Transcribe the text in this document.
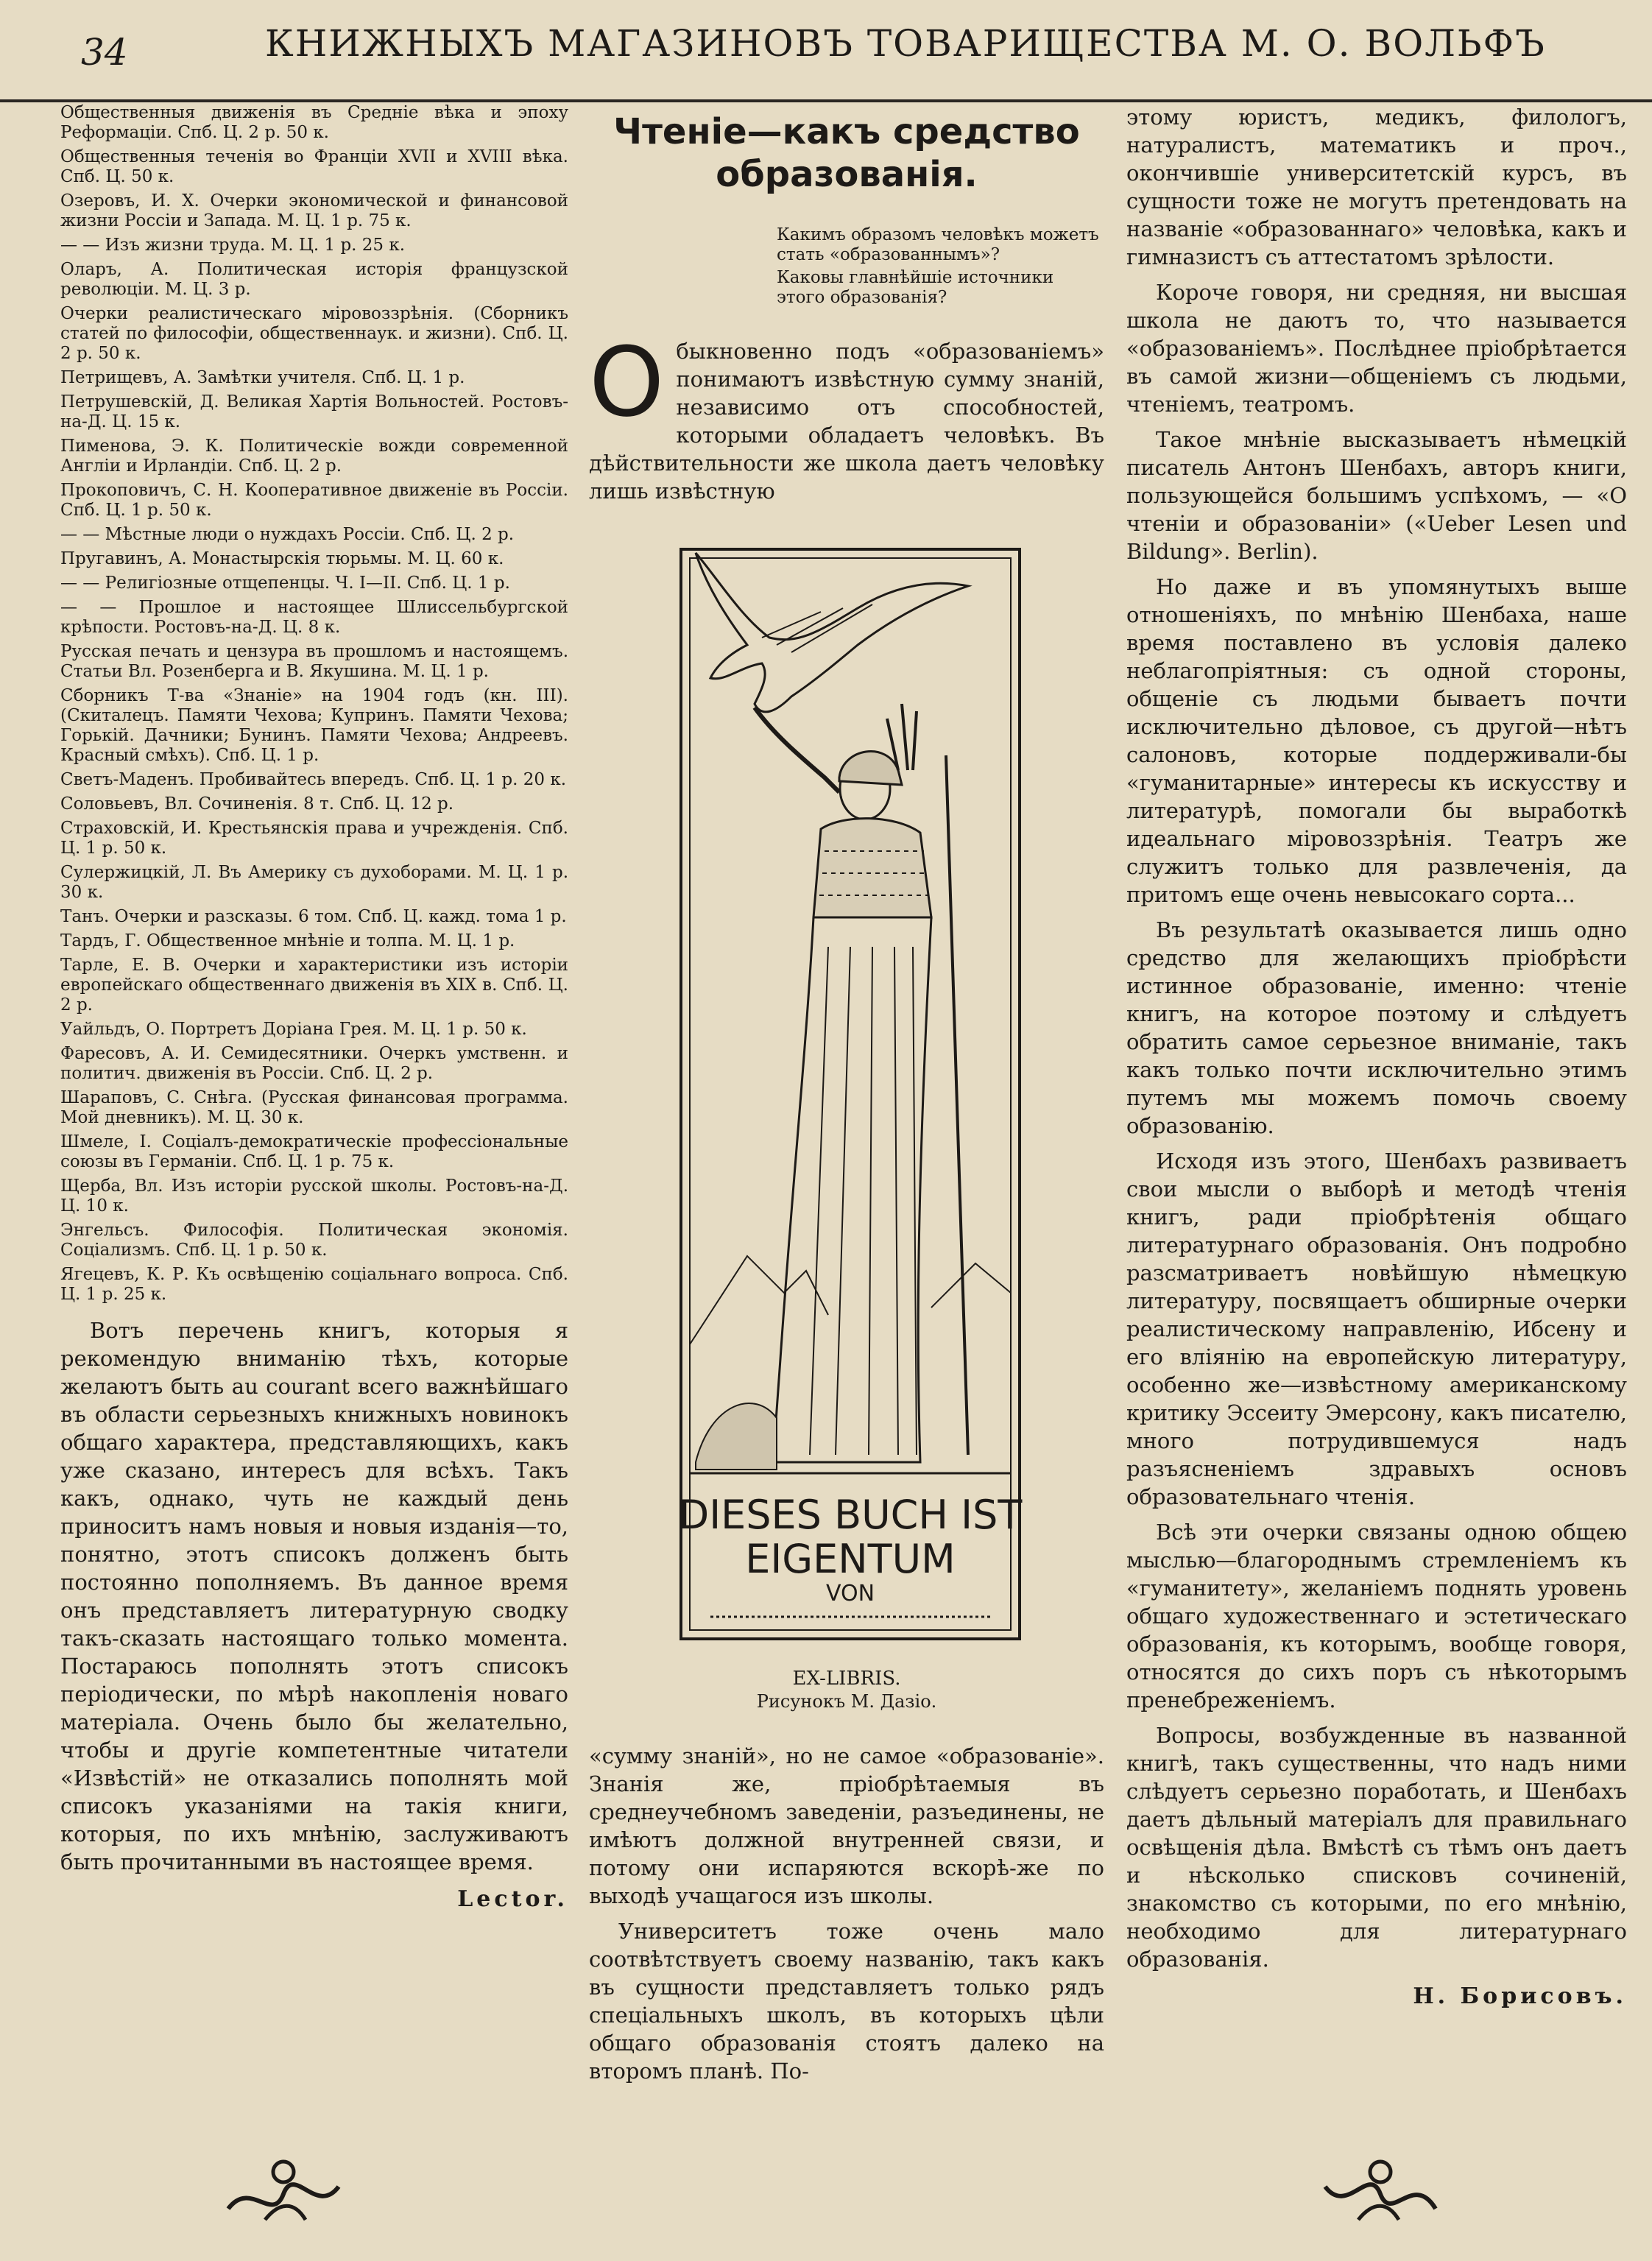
34	КНИЖНЫХЪ МАГАЗИНОВЪ ТОВАРИЩЕСТВА М. О. ВОЛЬФЪ

Общественныя движенія въ Средніе вѣка и эпоху Реформаціи. Спб. Ц. 2 р. 50 к.

Общественныя теченія во Франціи XVII и XVIII вѣка. Спб. Ц. 50 к.

Озеровъ, И. Х. Очерки экономической и финансовой жизни Россіи и Запада. М. Ц. 1 р. 75 к.

— — Изъ жизни труда. М. Ц. 1 р. 25 к.

Оларъ, А. Политическая исторія французской революціи. М. Ц. 3 р.

Очерки реалистическаго міровоззрѣнія. (Сборникъ статей по философіи, общественнаук. и жизни). Спб. Ц. 2 р. 50 к.

Петрищевъ, А. Замѣтки учителя. Спб. Ц. 1 р.

Петрушевскій, Д. Великая Хартія Вольностей. Ростовъ-на-Д. Ц. 15 к.

Пименова, Э. К. Политическіе вожди современной Англіи и Ирландіи. Спб. Ц. 2 р.

Прокоповичъ, С. Н. Кооперативное движеніе въ Россіи. Спб. Ц. 1 р. 50 к.

— — Мѣстные люди о нуждахъ Россіи. Спб. Ц. 2 р.

Пругавинъ, А. Монастырскія тюрьмы. М. Ц. 60 к.

— — Религіозные отщепенцы. Ч. I—II. Спб. Ц. 1 р.

— — Прошлое и настоящее Шлиссельбургской крѣпости. Ростовъ-на-Д. Ц. 8 к.

Русская печать и цензура въ прошломъ и настоящемъ. Статьи Вл. Розенберга и В. Якушина. М. Ц. 1 р.

Сборникъ Т-ва «Знаніе» на 1904 годъ (кн. III). (Скиталецъ. Памяти Чехова; Купринъ. Памяти Чехова; Горькій. Дачники; Бунинъ. Памяти Чехова; Андреевъ. Красный смѣхъ). Спб. Ц. 1 р.

Светъ-Маденъ. Пробивайтесь впередъ. Спб. Ц. 1 р. 20 к.

Соловьевъ, Вл. Сочиненія. 8 т. Спб. Ц. 12 р.

Страховскій, И. Крестьянскія права и учрежденія. Спб. Ц. 1 р. 50 к.

Сулержицкій, Л. Въ Америку съ духоборами. М. Ц. 1 р. 30 к.

Танъ. Очерки и разсказы. 6 том. Спб. Ц. кажд. тома 1 р.

Тардъ, Г. Общественное мнѣніе и толпа. М. Ц. 1 р.

Тарле, Е. В. Очерки и характеристики изъ исторіи европейскаго общественнаго движенія въ XIX в. Спб. Ц. 2 р.

Уайльдъ, О. Портретъ Доріана Грея. М. Ц. 1 р. 50 к.

Фаресовъ, А. И. Семидесятники. Очеркъ умственн. и политич. движенія въ Россіи. Спб. Ц. 2 р.

Шараповъ, С. Снѣга. (Русская финансовая программа. Мой дневникъ). М. Ц. 30 к.

Шмеле, I. Соціалъ-демократическіе профессіональные союзы въ Германіи. Спб. Ц. 1 р. 75 к.

Щерба, Вл. Изъ исторіи русской школы. Ростовъ-на-Д. Ц. 10 к.

Энгельсъ. Философія. Политическая экономія. Соціализмъ. Спб. Ц. 1 р. 50 к.

Ягецевъ, К. Р. Къ освѣщенію соціальнаго вопроса. Спб. Ц. 1 р. 25 к.

Вотъ перечень книгъ, которыя я рекомендую вниманію тѣхъ, которые желаютъ быть au courant всего важнѣйшаго въ области серьезныхъ книжныхъ новинокъ общаго характера, представляющихъ, какъ уже сказано, интересъ для всѣхъ. Такъ какъ, однако, чуть не каждый день приноситъ намъ новыя и новыя изданія—то, понятно, этотъ списокъ долженъ быть постоянно пополняемъ. Въ данное время онъ представляетъ литературную сводку такъ-сказать настоящаго только момента. Постараюсь пополнять этотъ списокъ періодически, по мѣрѣ накопленія новаго матеріала. Очень было бы желательно, чтобы и другіе компетентные читатели «Извѣстій» не отказались пополнять мой списокъ указаніями на такія книги, которыя, по ихъ мнѣнію, заслуживаютъ быть прочитанными въ настоящее время.

Lector.
Чтеніе—какъ средство образованія.

Какимъ образомъ человѣкъ можетъ стать «образованнымъ»?

Каковы главнѣйшіе источники этого образованія?

Обыкновенно подъ «образованіемъ» понимаютъ извѣстную сумму знаній, независимо отъ способностей, которыми обладаетъ человѣкъ. Въ дѣйствительности же школа даетъ человѣку лишь извѣстную

DIESES BUCH IST
EIGENTUM
VON
EX-LIBRIS.
Рисунокъ М. Дазіо.

«сумму знаній», но не самое «образованіе». Знанія же, пріобрѣтаемыя въ среднеучебномъ заведеніи, разъединены, не имѣютъ должной внутренней связи, и потому они испаряются вскорѣ-же по выходѣ учащагося изъ школы.

Университетъ тоже очень мало соотвѣтствуетъ своему названію, такъ какъ въ сущности представляетъ только рядъ спеціальныхъ школъ, въ которыхъ цѣли общаго образованія стоятъ далеко на второмъ планѣ. По-

этому юристъ, медикъ, филологъ, натуралистъ, математикъ и проч., окончившіе университетскій курсъ, въ сущности тоже не могутъ претендовать на названіе «образованнаго» человѣка, какъ и гимназистъ съ аттестатомъ зрѣлости.

Короче говоря, ни средняя, ни высшая школа не даютъ то, что называется «образованіемъ». Послѣднее пріобрѣтается въ самой жизни—общеніемъ съ людьми, чтеніемъ, театромъ.

Такое мнѣніе высказываетъ нѣмецкій писатель Антонъ Шенбахъ, авторъ книги, пользующейся большимъ успѣхомъ, — «О чтеніи и образованіи» («Ueber Lesen und Bildung». Berlin).

Но даже и въ упомянутыхъ выше отношеніяхъ, по мнѣнію Шенбаха, наше время поставлено въ условія далеко неблагопріятныя: съ одной стороны, общеніе съ людьми бываетъ почти исключительно дѣловое, съ другой—нѣтъ салоновъ, которые поддерживали-бы «гуманитарные» интересы къ искусству и литературѣ, помогали бы выработкѣ идеальнаго міровоззрѣнія. Театръ же служитъ только для развлеченія, да притомъ еще очень невысокаго сорта...

Въ результатѣ оказывается лишь одно средство для желающихъ пріобрѣсти истинное образованіе, именно: чтеніе книгъ, на которое поэтому и слѣдуетъ обратить самое серьезное вниманіе, такъ какъ только почти исключительно этимъ путемъ мы можемъ помочь своему образованію.

Исходя изъ этого, Шенбахъ развиваетъ свои мысли о выборѣ и методѣ чтенія книгъ, ради пріобрѣтенія общаго литературнаго образованія. Онъ подробно разсматриваетъ новѣйшую нѣмецкую литературу, посвящаетъ обширные очерки реалистическому направленію, Ибсену и его вліянію на европейскую литературу, особенно же—извѣстному американскому критику Эссеиту Эмерсону, какъ писателю, много потрудившемуся надъ разъясненіемъ здравыхъ основъ образовательнаго чтенія.

Всѣ эти очерки связаны одною общею мыслью—благороднымъ стремленіемъ къ «гуманитету», желаніемъ поднять уровень общаго художественнаго и эстетическаго образованія, къ которымъ, вообще говоря, относятся до сихъ поръ съ нѣкоторымъ пренебреженіемъ.

Вопросы, возбужденные въ названной книгѣ, такъ существенны, что надъ ними слѣдуетъ серьезно поработать, и Шенбахъ даетъ дѣльный матеріалъ для правильнаго освѣщенія дѣла. Вмѣстѣ съ тѣмъ онъ даетъ и нѣсколько списковъ сочиненій, знакомство съ которыми, по его мнѣнію, необходимо для литературнаго образованія.

Н. Борисовъ.
